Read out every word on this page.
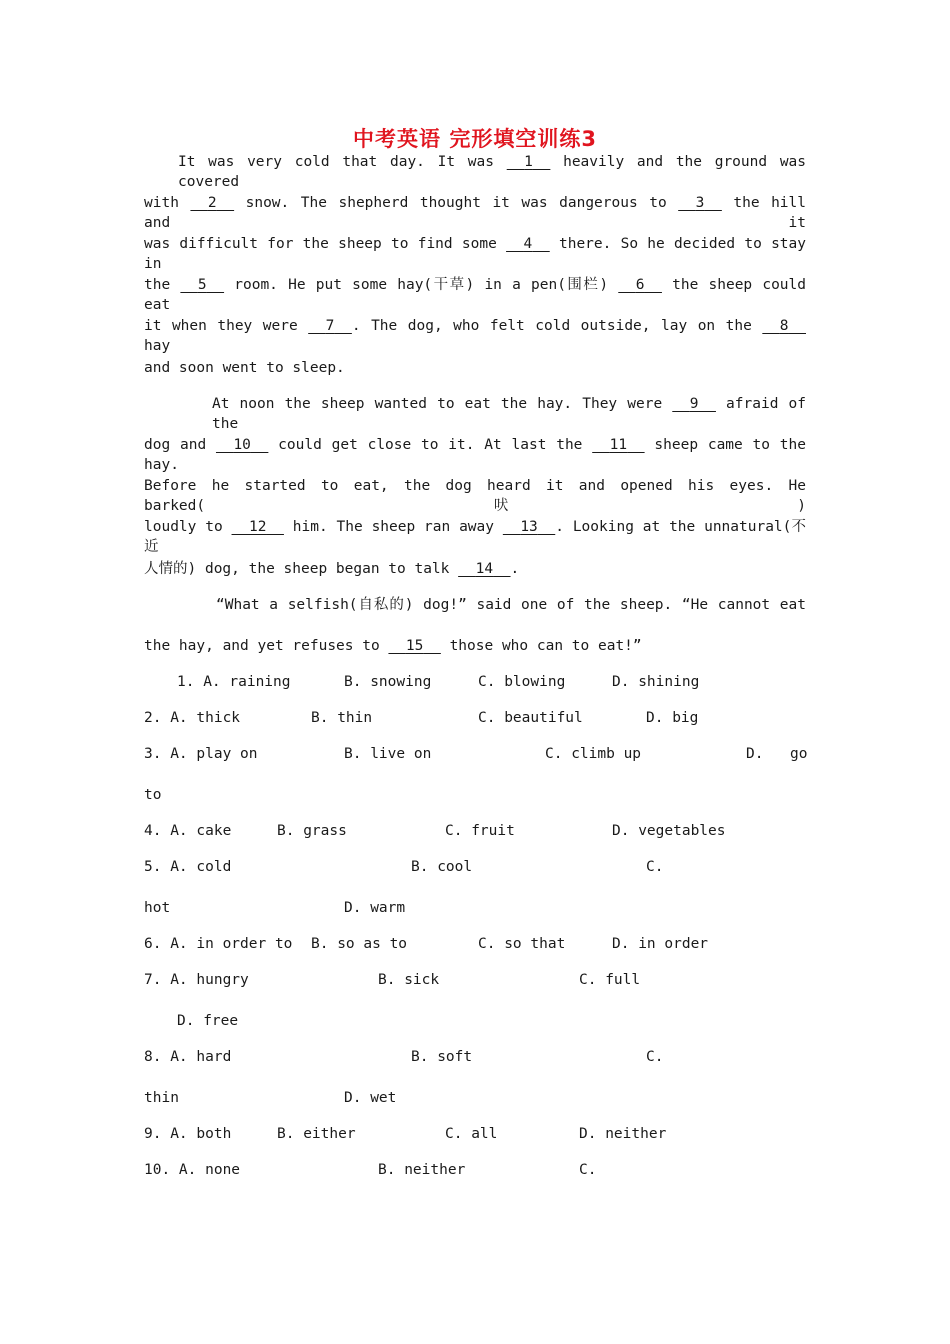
中考英语 完形填空训练3
It was very cold that day. It was   1   heavily and the ground was covered
with   2   snow. The shepherd thought it was dangerous to   3   the hill and it
was difficult for the sheep to find some   4   there. So he decided to stay in
the   5   room. He put some hay(干草) in a pen(围栏)   6   the sheep could eat
it when they were   7 . The dog, who felt cold outside, lay on the   8   hay
and soon went to sleep.
At noon the sheep wanted to eat the hay. They were   9   afraid of the
dog and   10   could get close to it. At last the   11   sheep came to the hay.
Before he started to eat, the dog heard it and opened his eyes. He barked(吠)
loudly to   12   him. The sheep ran away   13 . Looking at the unnatural(不近
人情的) dog, the sheep began to talk   14 .
“What a selfish(自私的) dog!” said one of the sheep. “He cannot eat
the hay, and yet refuses to   15   those who can to eat!”
1. A. raining	B. snowing	C. blowing	D. shining
2. A. thick	B. thin	C. beautiful	D. big
3. A. play on	B. live on	C. climb up	D. go
to
4. A. cake	B. grass	C. fruit	D. vegetables
5. A. cold	B. cool	C.
hot	D. warm
6. A. in order to B. so as to	C. so that	D. in order
7. A. hungry	B. sick	C. full
D. free
8. A. hard	B. soft	C.
thin	D. wet
9. A. both	B. either	C. all	D. neither
10. A. none	B. neither	C.
